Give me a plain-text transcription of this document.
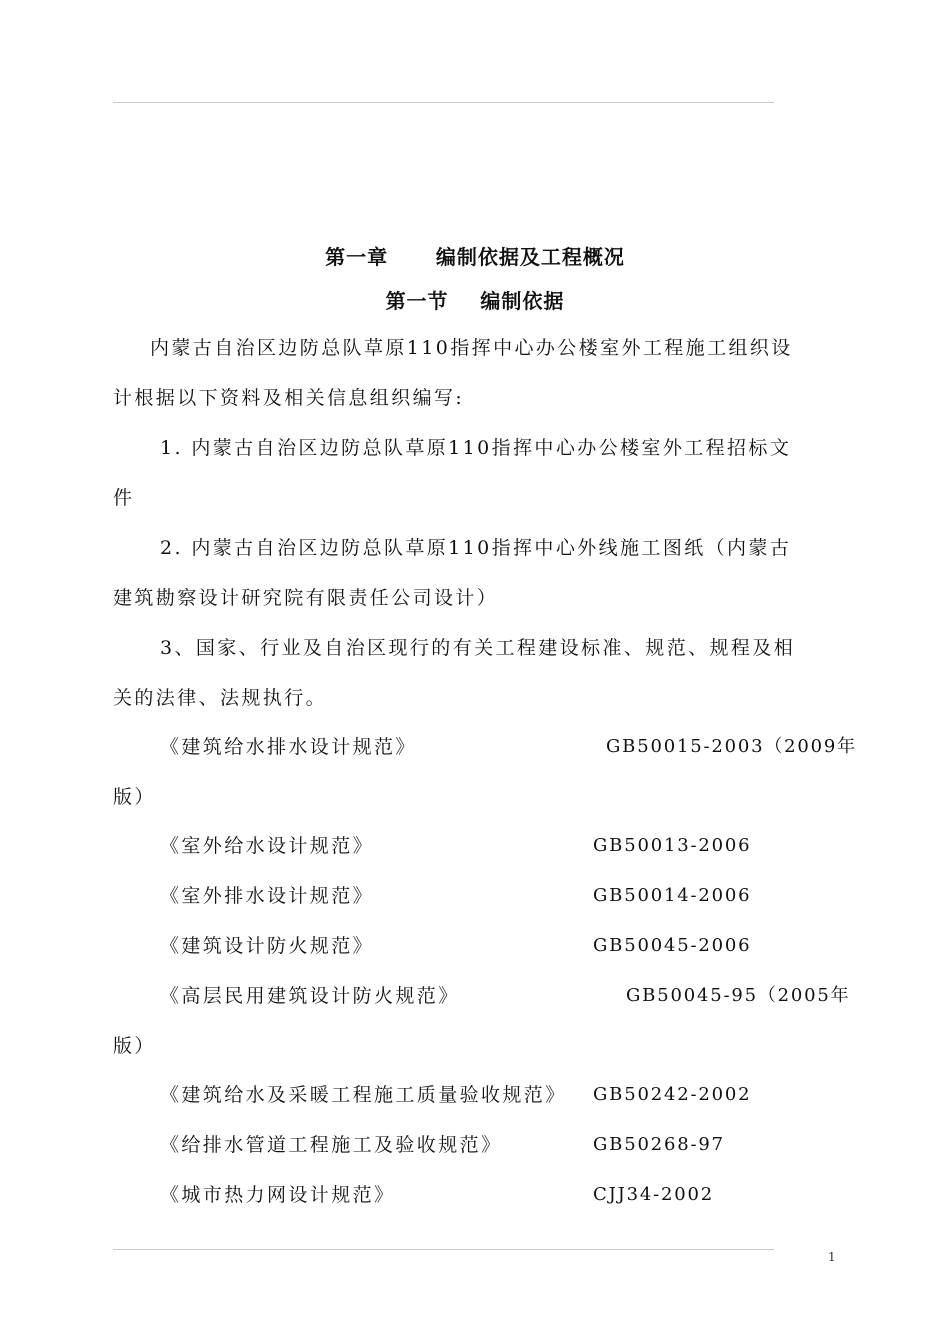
第一章      编制依据及工程概况
第一节    编制依据
内蒙古自治区边防总队草原110指挥中心办公楼室外工程施工组织设
计根据以下资料及相关信息组织编写:
1. 内蒙古自治区边防总队草原110指挥中心办公楼室外工程招标文
件
2. 内蒙古自治区边防总队草原110指挥中心外线施工图纸（内蒙古
建筑勘察设计研究院有限责任公司设计）
3、国家、行业及自治区现行的有关工程建设标准、规范、规程及相
关的法律、法规执行。
《建筑给水排水设计规范》	GB50015-2003（2009年
版）
《室外给水设计规范》	GB50013-2006
《室外排水设计规范》	GB50014-2006
《建筑设计防火规范》	GB50045-2006
《高层民用建筑设计防火规范》	GB50045-95（2005年
版）
《建筑给水及采暖工程施工质量验收规范》 GB50242-2002
《给排水管道工程施工及验收规范》	GB50268-97
《城市热力网设计规范》	CJJ34-2002
1
